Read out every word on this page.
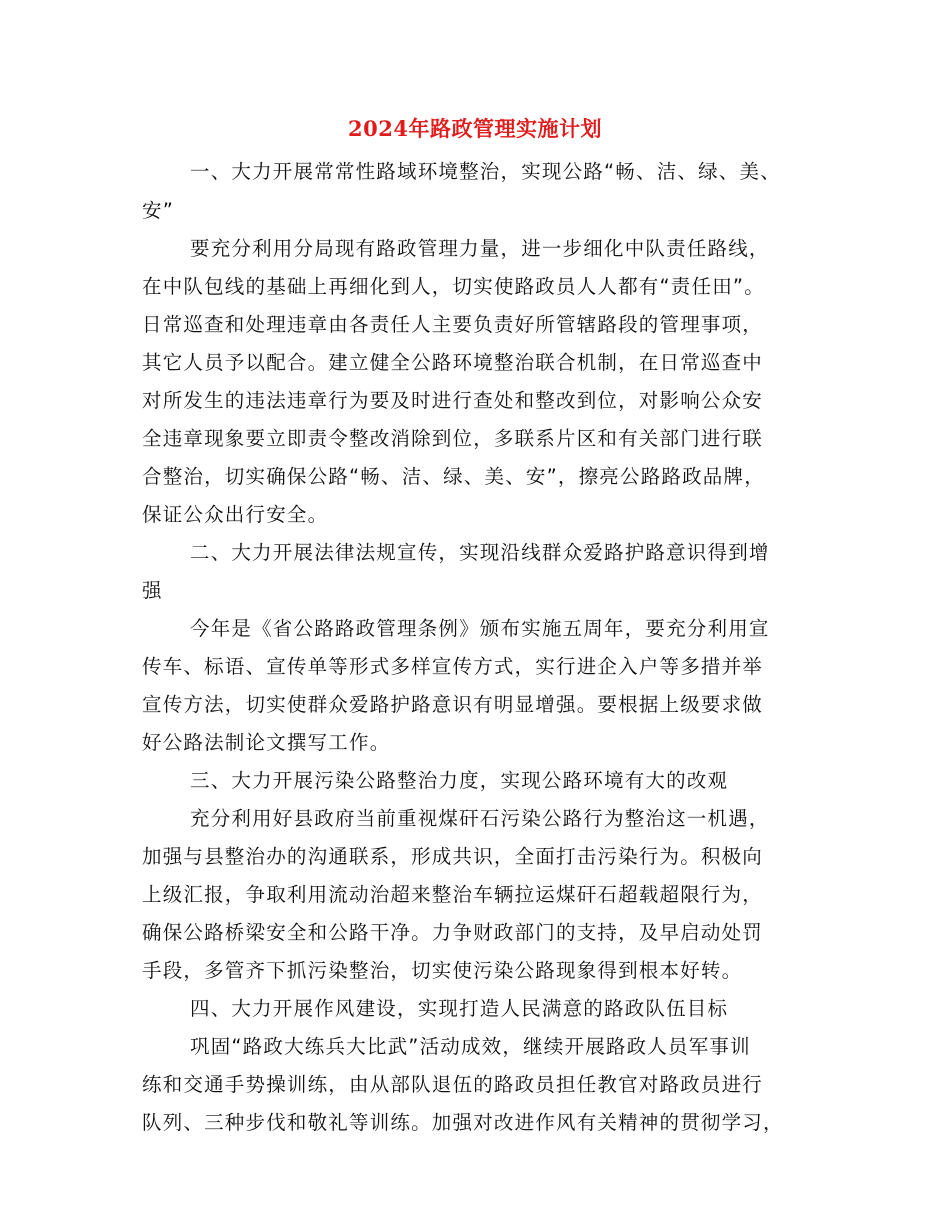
2024年路政管理实施计划
一、大力开展常常性路域环境整治，实现公路“畅、洁、绿、美、
安”
要充分利用分局现有路政管理力量，进一步细化中队责任路线，
在中队包线的基础上再细化到人，切实使路政员人人都有“责任田”。
日常巡查和处理违章由各责任人主要负责好所管辖路段的管理事项，
其它人员予以配合。建立健全公路环境整治联合机制，在日常巡查中
对所发生的违法违章行为要及时进行查处和整改到位，对影响公众安
全违章现象要立即责令整改消除到位，多联系片区和有关部门进行联
合整治，切实确保公路“畅、洁、绿、美、安”，擦亮公路路政品牌，
保证公众出行安全。
二、大力开展法律法规宣传，实现沿线群众爱路护路意识得到增
强
今年是《省公路路政管理条例》颁布实施五周年，要充分利用宣
传车、标语、宣传单等形式多样宣传方式，实行进企入户等多措并举
宣传方法，切实使群众爱路护路意识有明显增强。要根据上级要求做
好公路法制论文撰写工作。
三、大力开展污染公路整治力度，实现公路环境有大的改观
充分利用好县政府当前重视煤矸石污染公路行为整治这一机遇，
加强与县整治办的沟通联系，形成共识，全面打击污染行为。积极向
上级汇报，争取利用流动治超来整治车辆拉运煤矸石超载超限行为，
确保公路桥梁安全和公路干净。力争财政部门的支持，及早启动处罚
手段，多管齐下抓污染整治，切实使污染公路现象得到根本好转。
四、大力开展作风建设，实现打造人民满意的路政队伍目标
巩固“路政大练兵大比武”活动成效，继续开展路政人员军事训
练和交通手势操训练，由从部队退伍的路政员担任教官对路政员进行
队列、三种步伐和敬礼等训练。加强对改进作风有关精神的贯彻学习，
